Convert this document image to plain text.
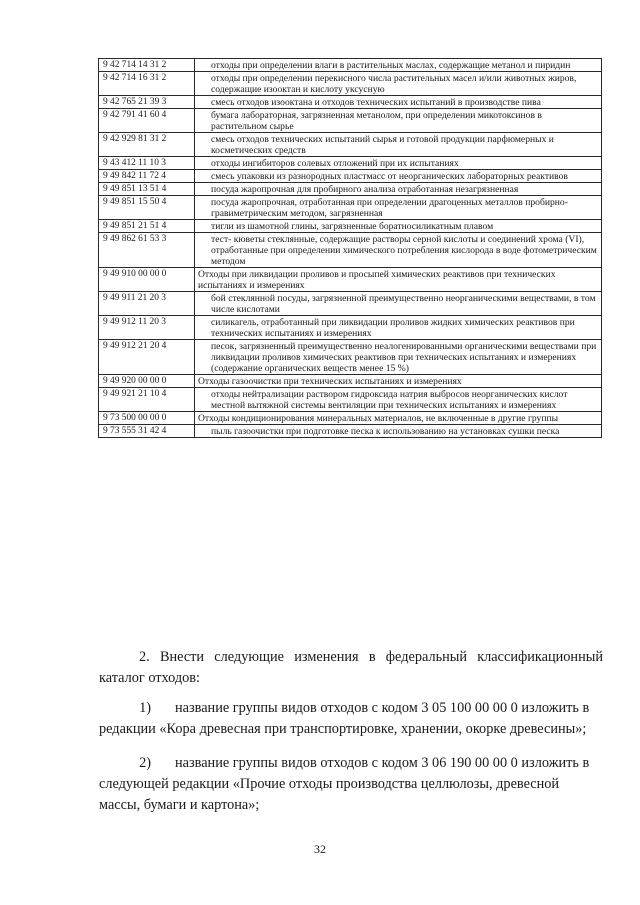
9 42 714 14 31 2	отходы при определении влаги в растительных маслах, содержащие метанол и пиридин
9 42 714 16 31 2	отходы при определении перекисного числа растительных масел и/или животных жиров, содержащие изооктан и кислоту уксусную
9 42 765 21 39 3	смесь отходов изооктана и отходов технических испытаний в производстве пива
9 42 791 41 60 4	бумага лабораторная, загрязненная метанолом, при определении микотоксинов в растительном сырье
9 42 929 81 31 2	смесь отходов технических испытаний сырья и готовой продукции парфюмерных и косметических средств
9 43 412 11 10 3	отходы ингибиторов солевых отложений при их испытаниях
9 49 842 11 72 4	смесь упаковки из разнородных пластмасс от неорганических лабораторных реактивов
9 49 851 13 51 4	посуда жаропрочная для пробирного анализа отработанная незагрязненная
9 49 851 15 50 4	посуда жаропрочная, отработанная при определении драгоценных металлов пробирно-гравиметрическим методом, загрязненная
9 49 851 21 51 4	тигли из шамотной глины, загрязненные боратносиликатным плавом
9 49 862 61 53 3	тест- кюветы стеклянные, содержащие растворы серной кислоты и соединений хрома (VI), отработанные при определении химического потребления кислорода в воде фотометрическим методом
9 49 910 00 00 0	Отходы при ликвидации проливов и просыпей химических реактивов при технических испытаниях и измерениях
9 49 911 21 20 3	бой стеклянной посуды, загрязненной преимущественно неорганическими веществами, в том числе кислотами
9 49 912 11 20 3	силикагель, отработанный при ликвидации проливов жидких химических реактивов при технических испытаниях и измерениях
9 49 912 21 20 4	песок, загрязненный преимущественно неалогенированными органическими веществами при ликвидации проливов химических реактивов при технических испытаниях и измерениях (содержание органических веществ менее 15 %)
9 49 920 00 00 0	Отходы газоочистки при технических испытаниях и измерениях
9 49 921 21 10 4	отходы нейтрализации раствором гидроксида натрия выбросов неорганических кислот местной вытяжной системы вентиляции при технических испытаниях и измерениях
9 73 500 00 00 0	Отходы кондиционирования минеральных материалов, не включенные в другие группы
9 73 555 31 42 4	пыль газоочистки при подготовке песка к использованию на установках сушки песка
2. Внести следующие изменения в федеральный классификационный каталог отходов:
1) название группы видов отходов с кодом 3 05 100 00 00 0 изложить в редакции «Кора древесная при транспортировке, хранении, окорке древесины»;
2) название группы видов отходов с кодом 3 06 190 00 00 0 изложить в следующей редакции «Прочие отходы производства целлюлозы, древесной массы, бумаги и картона»;
32
